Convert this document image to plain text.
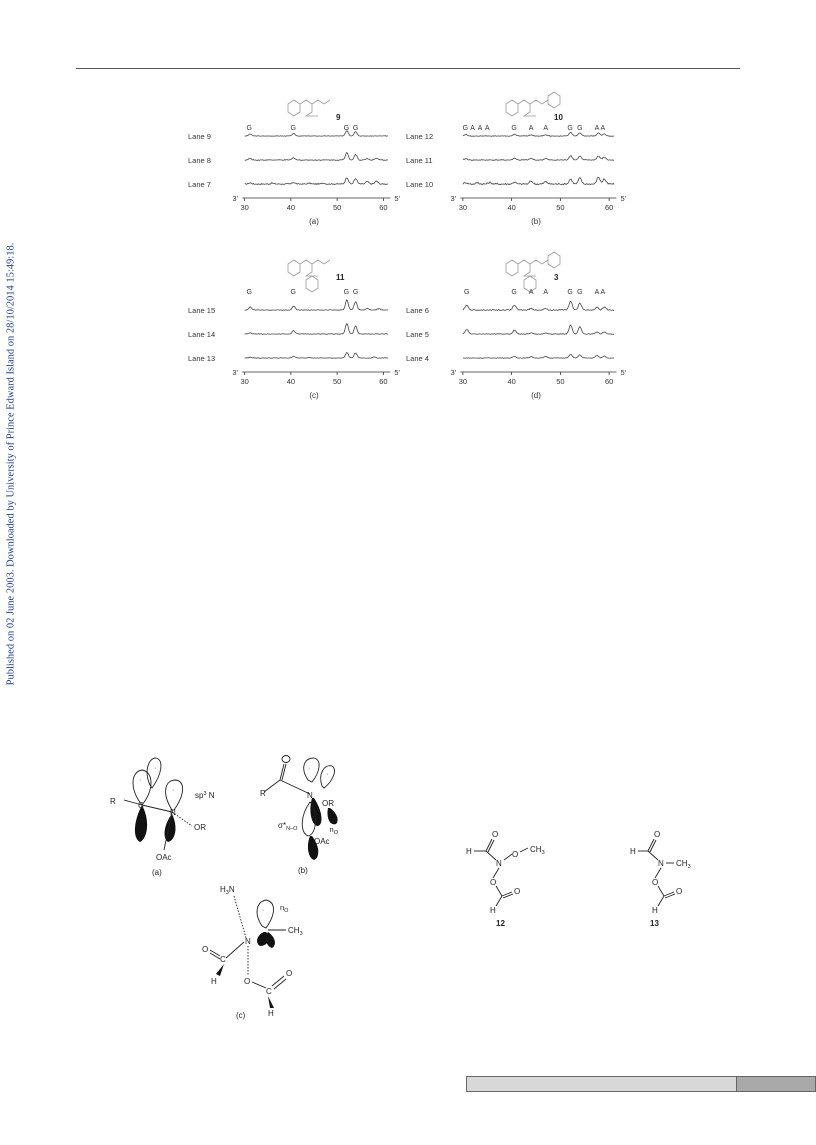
Published on 02 June 2003. Downloaded by University of Prince Edward Island on 28/10/2014 15:49:18.
9
G	G	G G
Lane 9
Lane 8
Lane 7
3'	5'
30	40	50	60
(a)
10
G A A A	G A A	G G A A
Lane 12
Lane 11
Lane 10
3'	5'
30	40	50	60
(b)
11
G	G	G G
Lane 15
Lane 14
Lane 13
3'	5'
30	40	50	60
(c)
3
G	G A A	G G A A
Lane 6
Lane 5
Lane 4
3'	5'
30	40	50	60
(d)
·
·
·
R	C
N
$sp^3$ N
OR
OAc
(a)
·
·
R	N
OR
$\sigma*_{N-O}$
OAc
$n_O$
(b)
$H_3N$
· $n_O$
$CH_3$
N
O
C
H	O
C
O
H
(c)
H
O
N
O
$CH_3$
O
O
H
12
H
O
N $CH_3$
O
O
H
13
